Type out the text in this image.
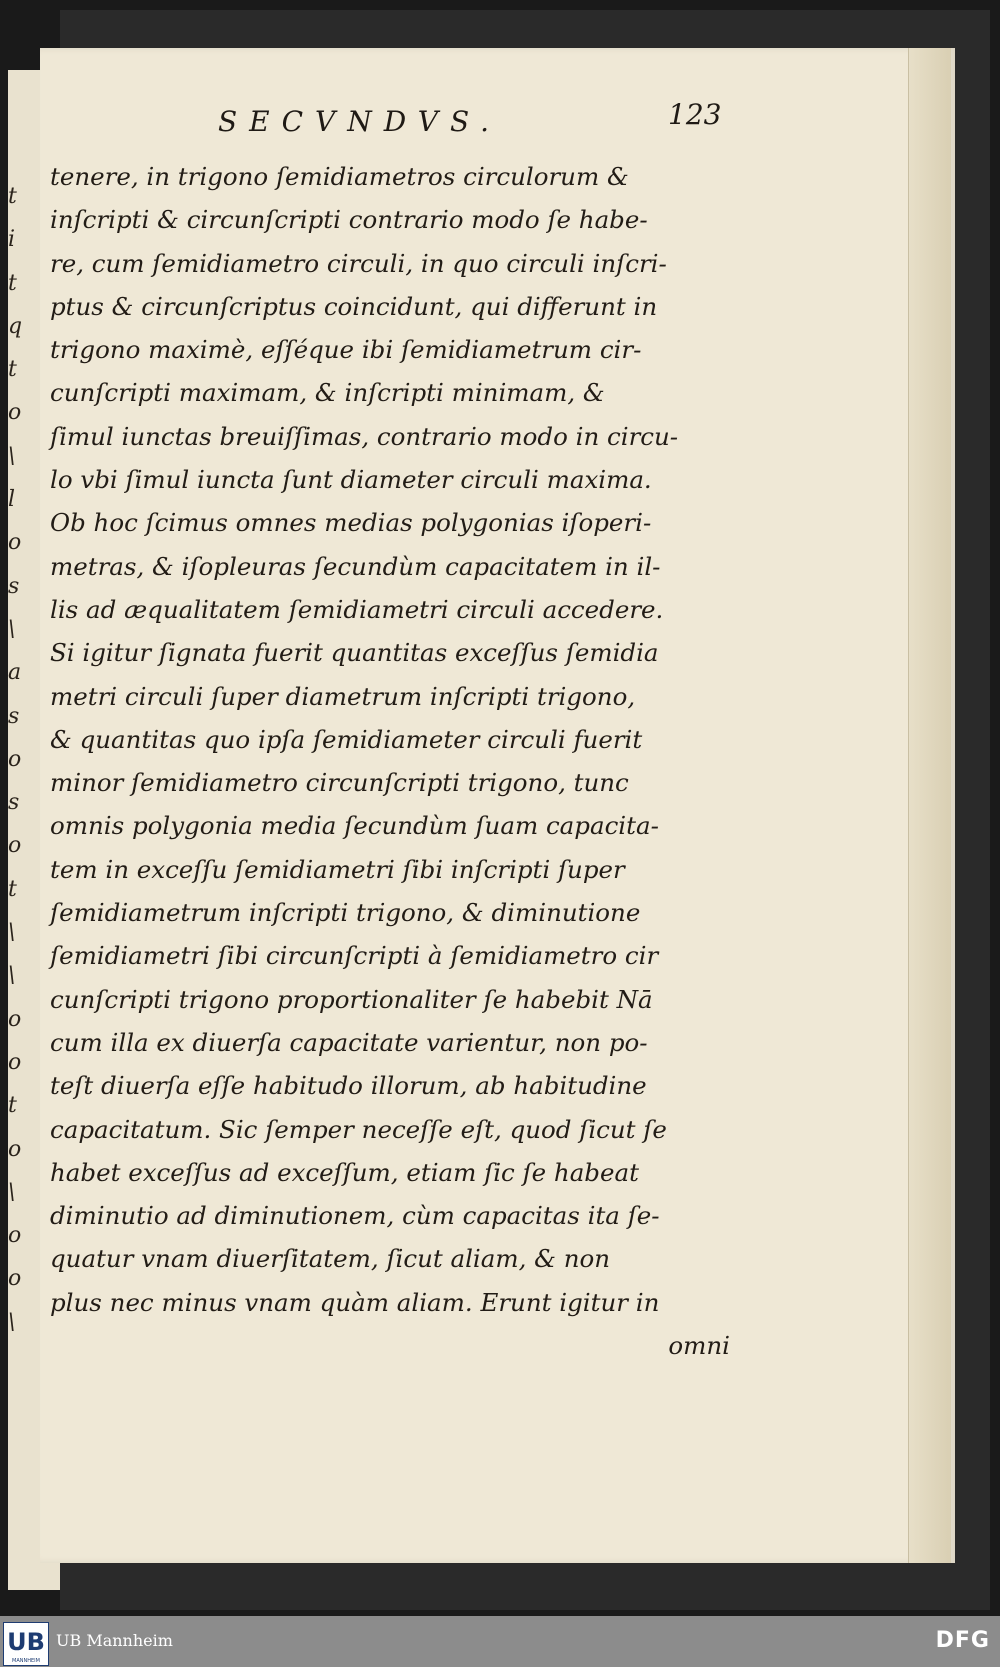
t
i
t
q
t
o
\
l
o
s
\
a
s
o
s
o
t
\
\
o
o
t
o
\
o
o
\
SECVNDVS.	123
tenere, in trigono ſemidiametros circulorum &
inſcripti & circunſcripti contrario modo ſe habe-
re, cum ſemidiametro circuli, in quo circuli inſcri-
ptus & circunſcriptus coincidunt, qui differunt in
trigono maximè, eſſéque ibi ſemidiametrum cir-
cunſcripti maximam, & inſcripti minimam, &
ſimul iunctas breuiſſimas, contrario modo in circu-
lo vbi ſimul iuncta ſunt diameter circuli maxima.
Ob hoc ſcimus omnes medias polygonias iſoperi-
metras, & iſopleuras ſecundùm capacitatem in il-
lis ad æqualitatem ſemidiametri circuli accedere.
Si igitur ſignata fuerit quantitas exceſſus ſemidia
metri circuli ſuper diametrum inſcripti trigono,
& quantitas quo ipſa ſemidiameter circuli fuerit
minor ſemidiametro circunſcripti trigono, tunc
omnis polygonia media ſecundùm ſuam capacita-
tem in exceſſu ſemidiametri ſibi inſcripti ſuper
ſemidiametrum inſcripti trigono, & diminutione
ſemidiametri ſibi circunſcripti à ſemidiametro cir
cunſcripti trigono proportionaliter ſe habebit Nā
cum illa ex diuerſa capacitate varientur, non po-
teſt diuerſa eſſe habitudo illorum, ab habitudine
capacitatum. Sic ſemper neceſſe eſt, quod ſicut ſe
habet exceſſus ad exceſſum, etiam ſic ſe habeat
diminutio ad diminutionem, cùm capacitas ita ſe-
quatur vnam diuerſitatem, ſicut aliam, & non
plus nec minus vnam quàm aliam. Erunt igitur in
omni
UB
MANNHEIM
UB Mannheim	DFG
